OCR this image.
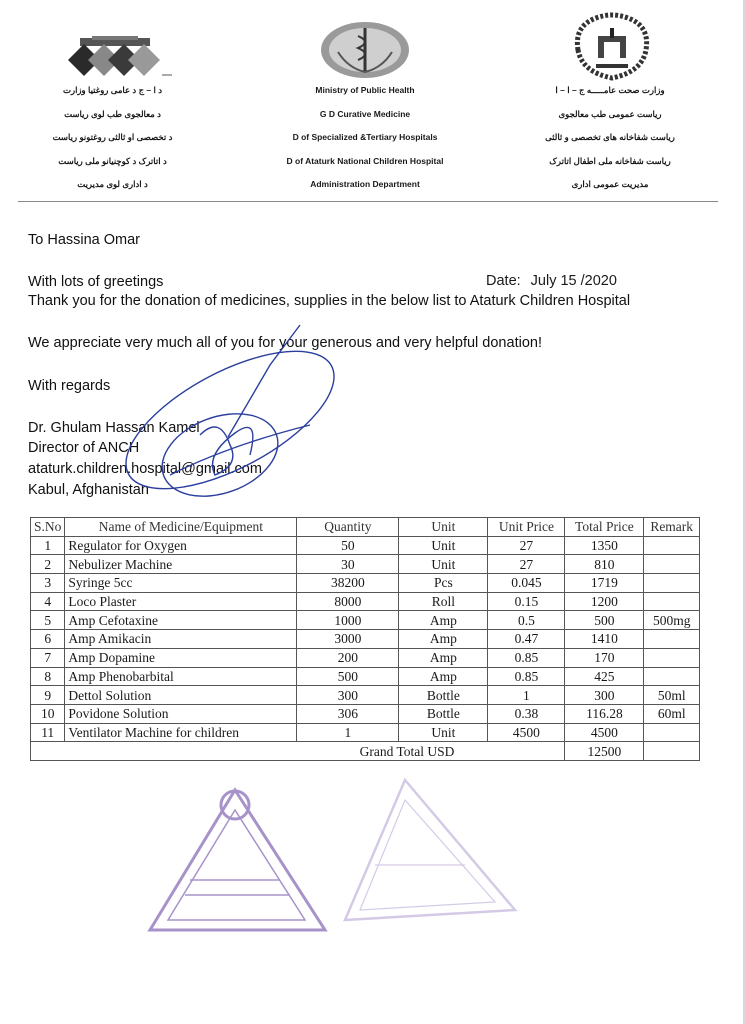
د ا – ج د عامی روغتیا وزارت
د معالجوی طب لوی ریاست
د تخصصی او ثالثی روغتونو ریاست
د اتاترک د کوچنیانو ملی ریاست
د اداری لوی مدیریت
Ministry of Public Health
G D Curative Medicine
D of Specialized &Tertiary Hospitals
D of Ataturk National Children Hospital
Administration Department
وزارت صحت عامـــــه ج – ا – ا
ریاست عمومی طب معالجوی
ریاست شفاخانه های تخصصی و ثالثی
ریاست شفاخانه ملی اطفال اتاترک
مدیریت عمومی اداری
To Hassina Omar
With lots of greetings	Date: July 15 /2020
Thank you for the donation of medicines, supplies in the below list to Ataturk Children Hospital
We appreciate very much all of you for your generous and very helpful donation!
With regards
Dr. Ghulam Hassan Kamel
Director of ANCH
ataturk.children.hospital@gmail.com
Kabul, Afghanistan
S.No	Name of Medicine/Equipment	Quantity	Unit	Unit Price	Total Price	Remark
1	Regulator for Oxygen	50	Unit	27	1350	
2	Nebulizer Machine	30	Unit	27	810	
3	Syringe 5cc	38200	Pcs	0.045	1719	
4	Loco Plaster	8000	Roll	0.15	1200	
5	Amp Cefotaxine	1000	Amp	0.5	500	500mg
6	Amp Amikacin	3000	Amp	0.47	1410	
7	Amp Dopamine	200	Amp	0.85	170	
8	Amp Phenobarbital	500	Amp	0.85	425	
9	Dettol Solution	300	Bottle	1	300	50ml
10	Povidone Solution	306	Bottle	0.38	116.28	60ml
11	Ventilator Machine for children	1	Unit	4500	4500	
Grand Total USD					12500	
